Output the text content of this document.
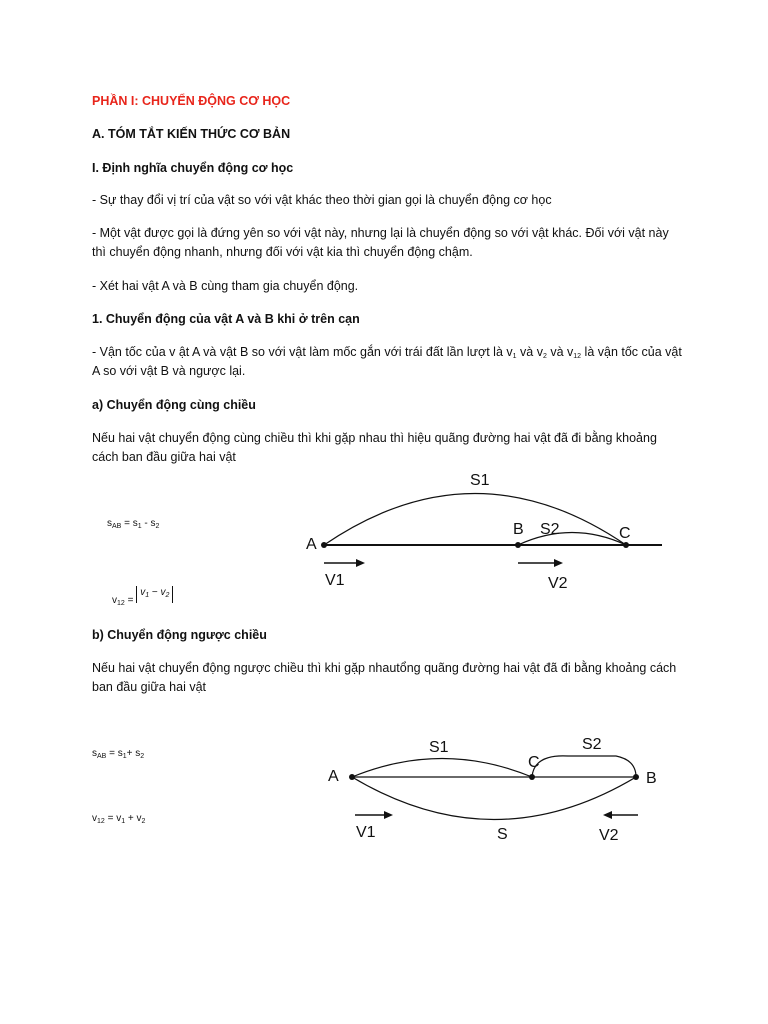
PHẦN I: CHUYỂN ĐỘNG CƠ HỌC
A. TÓM TẮT KIẾN THỨC CƠ BẢN
I. Định nghĩa chuyển động cơ học
- Sự thay đổi vị trí của vật so với vật khác theo thời gian gọi là chuyển động cơ học
- Một vật được gọi là đứng yên so với vật này, nhưng lại là chuyển động so với vật khác. Đối với vật này
thì chuyển động nhanh, nhưng đối với vật kia thì chuyển động chậm.
- Xét hai vật A và B cùng tham gia chuyển động.
1. Chuyển động của vật A và B khi ở trên cạn
- Vận tốc của v ật A và vật B so với vật làm mốc gắn với trái đất lần lượt là $v_1$ và $v_2$ và $v_{12}$ là vận tốc của vật
A so với vật B và ngược lại.
a) Chuyển động cùng chiều
Nếu hai vật chuyển động cùng chiều thì khi gặp nhau thì hiệu quãng đường hai vật đã đi bằng khoảng
cách ban đầu giữa hai vật
$s_{AB} = s_1 - s_2$
$v_{12} = v_1 - v_2$
S1
S2
A
B	C
V1	V2
b) Chuyển động ngược chiều
Nếu hai vật chuyển động ngược chiều thì khi gặp nhautổng quãng đường hai vật đã đi bằng khoảng cách
ban đầu giữa hai vật
$s_{AB} = s_1+ s_2$
$v_{12} = v_1 + v_2$
S1	S2
A
C
B
V1	S	V2
